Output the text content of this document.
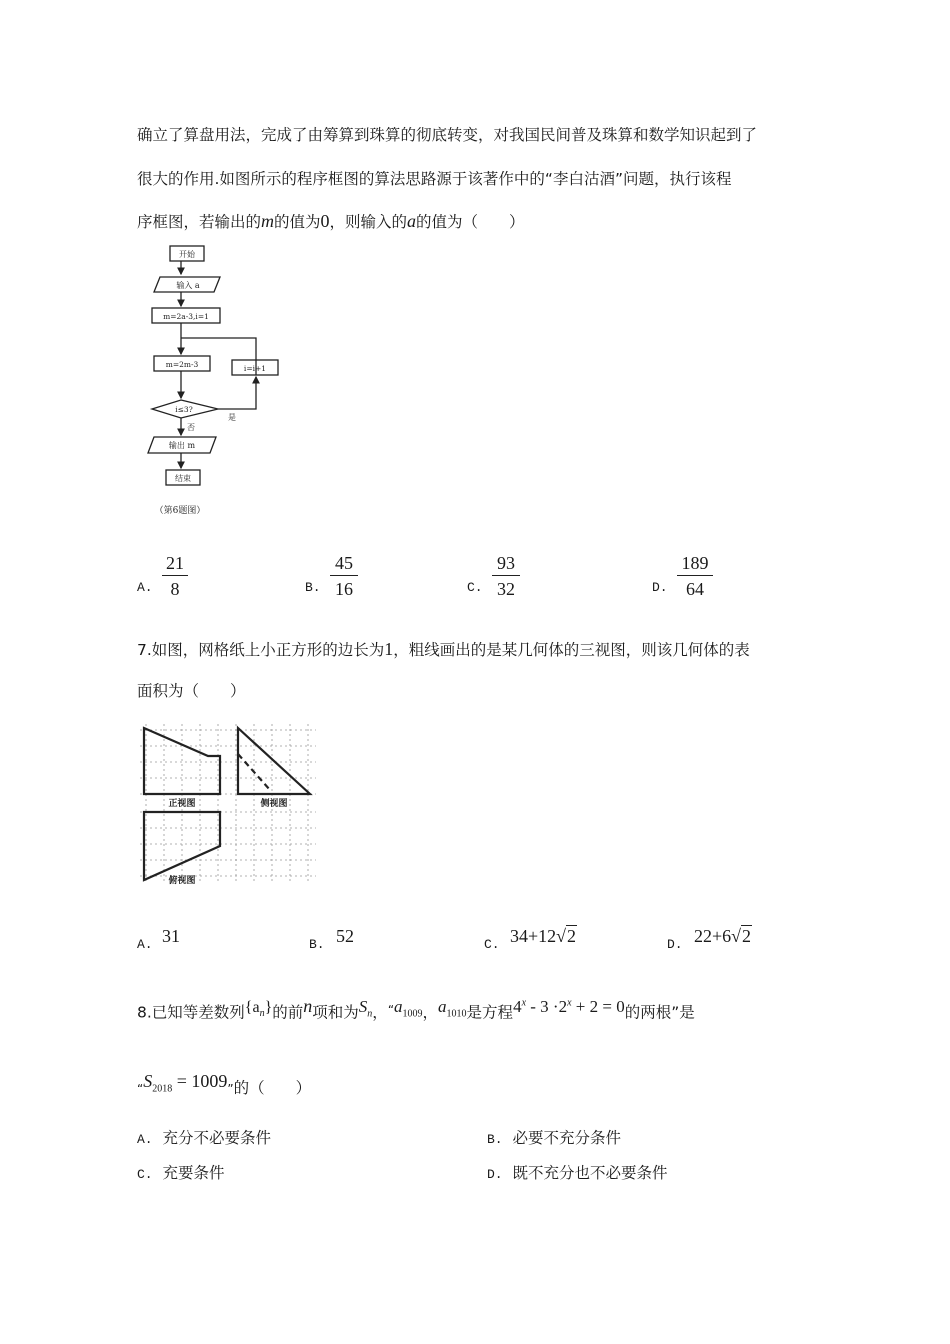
确立了算盘用法，完成了由筹算到珠算的彻底转变，对我国民间普及珠算和数学知识起到了
很大的作用.如图所示的程序框图的算法思路源于该著作中的“李白沽酒”问题，执行该程
序框图，若输出的m的值为0，则输入的a的值为（　　）
开始
输入 a
m=2a-3,i=1
m=2m-3	i=i+1
i≤3?
是
否
输出 m
结束
（第6题图）
A. $\frac{21}{8}$	B. $\frac{45}{16}$	C. $\frac{93}{32}$	D. $\frac{189}{64}$
7.如图，网格纸上小正方形的边长为1，粗线画出的是某几何体的三视图，则该几何体的表
面积为（　　）
正视图	侧视图
俯视图
A. 31	B. 52	C. 34+12√2	D. 22+6√2
8.已知等差数列$\{a_n\}$的前n项和为$S_n$，$^“a_{1009}$，$a_{1010}$是方程$4^x - 3 \cdot 2^x + 2 = 0$的两根”是
“$S_{2018} = 1009$”的（　　）
A. 充分不必要条件	B. 必要不充分条件
C. 充要条件	D. 既不充分也不必要条件
